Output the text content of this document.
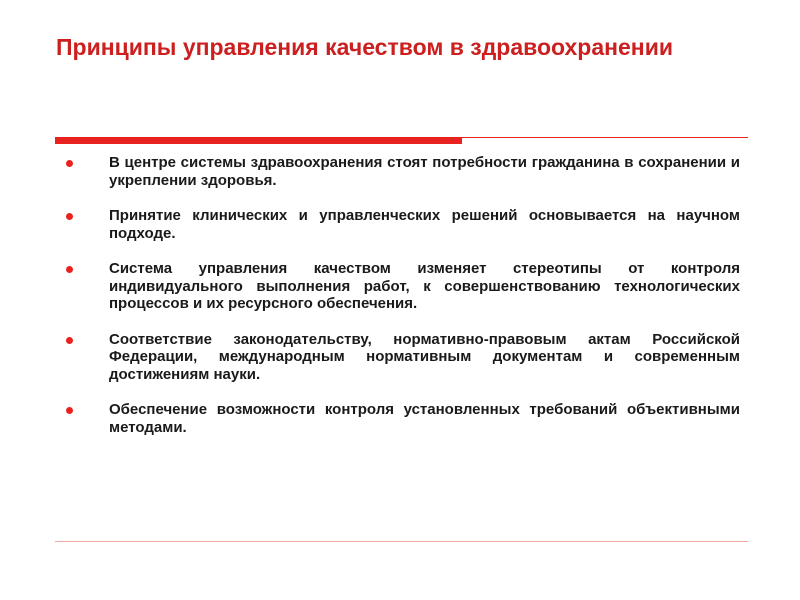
Принципы управления качеством в здравоохранении
В центре системы здравоохранения стоят потребности гражданина в сохранении и укреплении здоровья.
Принятие клинических и управленческих решений основывается на научном подходе.
Система управления качеством изменяет стереотипы от контроля индивидуального выполнения работ, к совершенствованию технологических процессов и их ресурсного обеспечения.
Соответствие законодательству, нормативно-правовым актам Российской Федерации, международным нормативным документам и современным достижениям науки.
Обеспечение возможности контроля установленных требований объективными методами.
